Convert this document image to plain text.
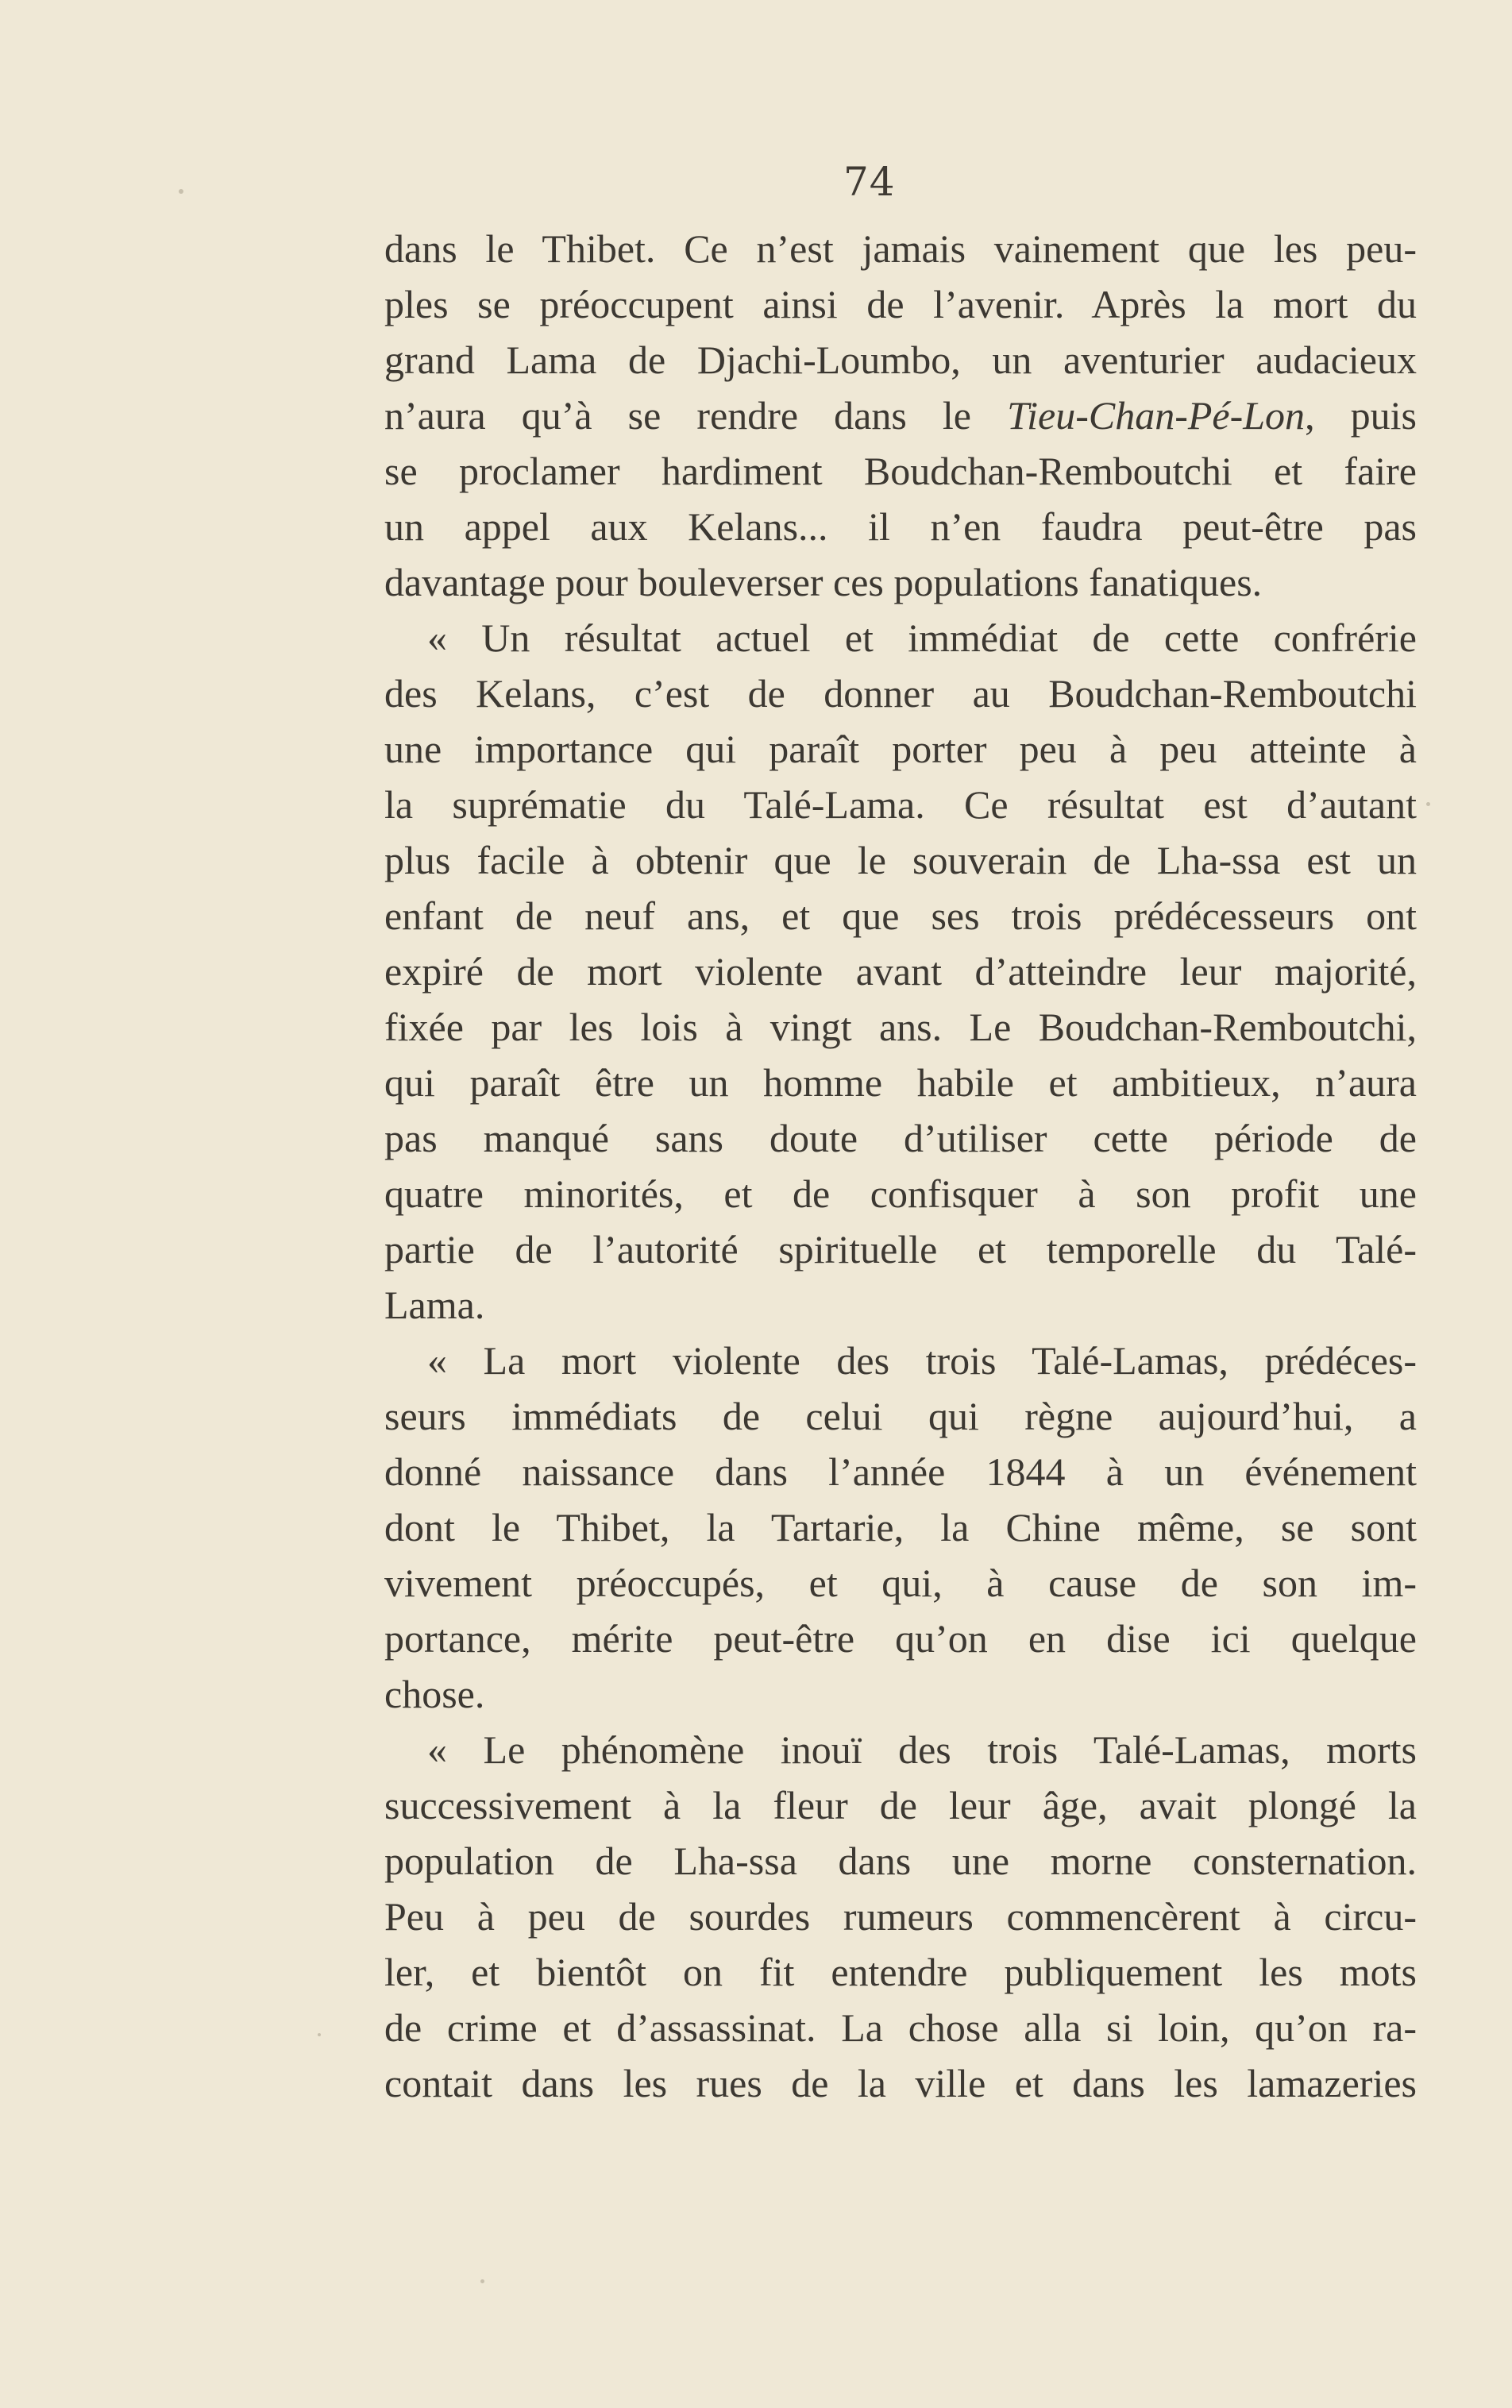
74
dans le Thibet. Ce n’est jamais vainement que les peu-
ples se préoccupent ainsi de l’avenir. Après la mort du
grand Lama de Djachi-Loumbo, un aventurier audacieux
n’aura qu’à se rendre dans le Tieu-Chan-Pé-Lon, puis
se proclamer hardiment Boudchan-Remboutchi et faire
un appel aux Kelans... il n’en faudra peut-être pas
davantage pour bouleverser ces populations fanatiques.
« Un résultat actuel et immédiat de cette confrérie
des Kelans, c’est de donner au Boudchan-Remboutchi
une importance qui paraît porter peu à peu atteinte à
la suprématie du Talé-Lama. Ce résultat est d’autant
plus facile à obtenir que le souverain de Lha-ssa est un
enfant de neuf ans, et que ses trois prédécesseurs ont
expiré de mort violente avant d’atteindre leur majorité,
fixée par les lois à vingt ans. Le Boudchan-Remboutchi,
qui paraît être un homme habile et ambitieux, n’aura
pas manqué sans doute d’utiliser cette période de
quatre minorités, et de confisquer à son profit une
partie de l’autorité spirituelle et temporelle du Talé-
Lama.
« La mort violente des trois Talé-Lamas, prédéces-
seurs immédiats de celui qui règne aujourd’hui, a
donné naissance dans l’année 1844 à un événement
dont le Thibet, la Tartarie, la Chine même, se sont
vivement préoccupés, et qui, à cause de son im-
portance, mérite peut-être qu’on en dise ici quelque
chose.
« Le phénomène inouï des trois Talé-Lamas, morts
successivement à la fleur de leur âge, avait plongé la
population de Lha-ssa dans une morne consternation.
Peu à peu de sourdes rumeurs commencèrent à circu-
ler, et bientôt on fit entendre publiquement les mots
de crime et d’assassinat. La chose alla si loin, qu’on ra-
contait dans les rues de la ville et dans les lamazeries
